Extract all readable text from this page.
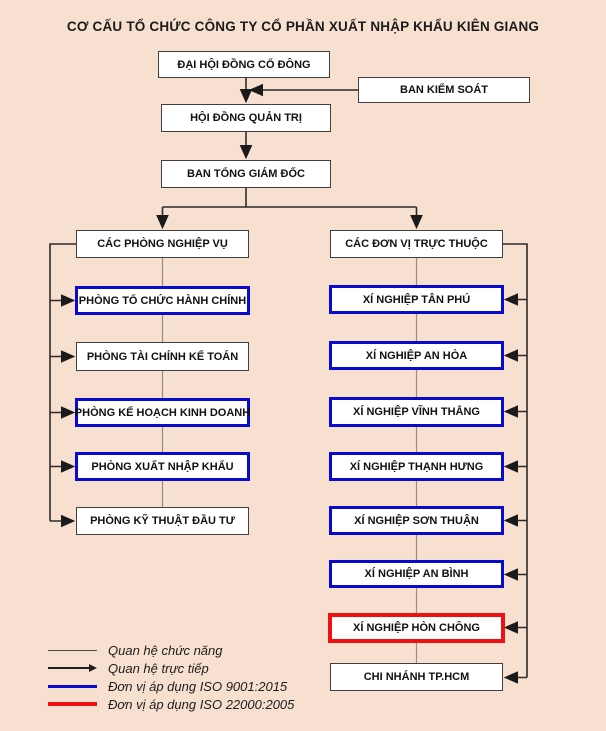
CƠ CẤU TỔ CHỨC CÔNG TY CỔ PHẦN XUẤT NHẬP KHẨU KIÊN GIANG
ĐẠI HỘI ĐỒNG CỔ ĐÔNG
BAN KIỂM SOÁT
HỘI ĐỒNG QUẢN TRỊ
BAN TỔNG GIÁM ĐỐC
CÁC PHÒNG NGHIỆP VỤ	CÁC ĐƠN VỊ TRỰC THUỘC
PHÒNG TỔ CHỨC HÀNH CHÍNH
PHÒNG TÀI CHÍNH KẾ TOÁN
PHÒNG KẾ HOẠCH KINH DOANH
PHÒNG XUẤT NHẬP KHẨU
PHÒNG KỸ THUẬT ĐẦU TƯ
XÍ NGHIỆP TÂN PHÚ
XÍ NGHIỆP AN HÒA
XÍ NGHIỆP VĨNH THẮNG
XÍ NGHIỆP THẠNH HƯNG
XÍ NGHIỆP SƠN THUẬN
XÍ NGHIỆP AN BÌNH
XÍ NGHIỆP HÒN CHÔNG
CHI NHÁNH TP.HCM
Quan hệ chức năng
Quan hệ trực tiếp
Đơn vị áp dụng ISO 9001:2015
Đơn vị áp dụng ISO 22000:2005
